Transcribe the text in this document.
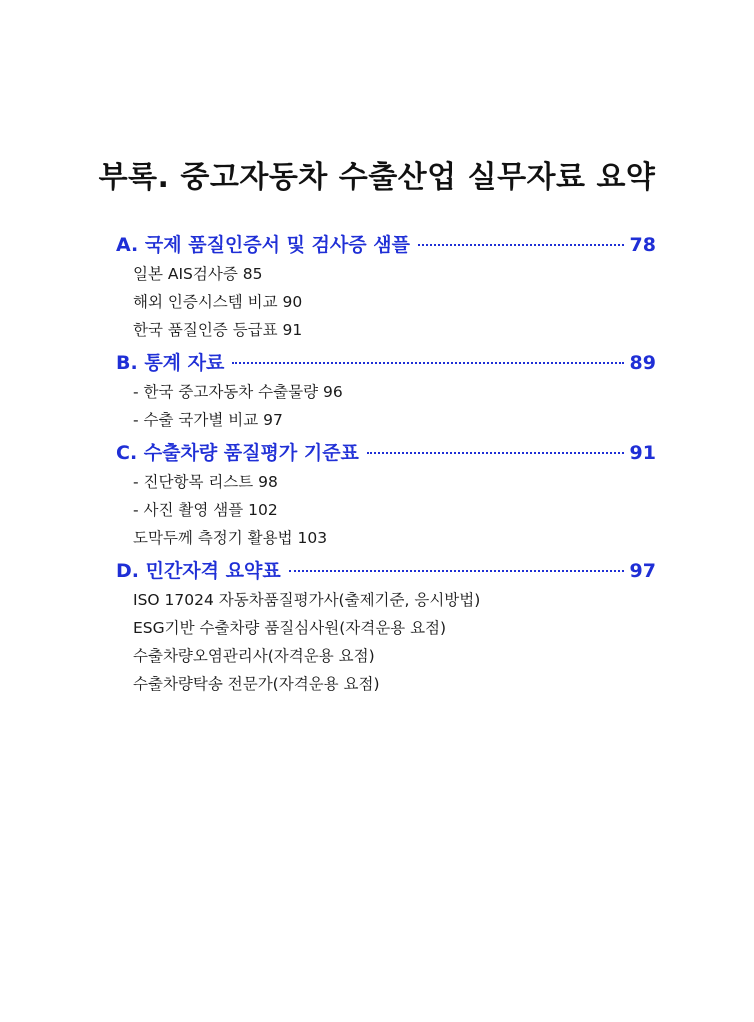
부록. 중고자동차 수출산업 실무자료 요약
A. 국제 품질인증서 및 검사증 샘플	78
일본 AIS검사증 85
해외 인증시스템 비교 90
한국 품질인증 등급표 91
B. 통계 자료	89
- 한국 중고자동차 수출물량 96
- 수출 국가별 비교 97
C. 수출차량 품질평가 기준표	91
- 진단항목 리스트 98
- 사진 촬영 샘플 102
도막두께 측정기 활용법 103
D. 민간자격 요약표	97
ISO 17024 자동차품질평가사(출제기준, 응시방법)
ESG기반 수출차량 품질심사원(자격운용 요점)
수출차량오염관리사(자격운용 요점)
수출차량탁송 전문가(자격운용 요점)
